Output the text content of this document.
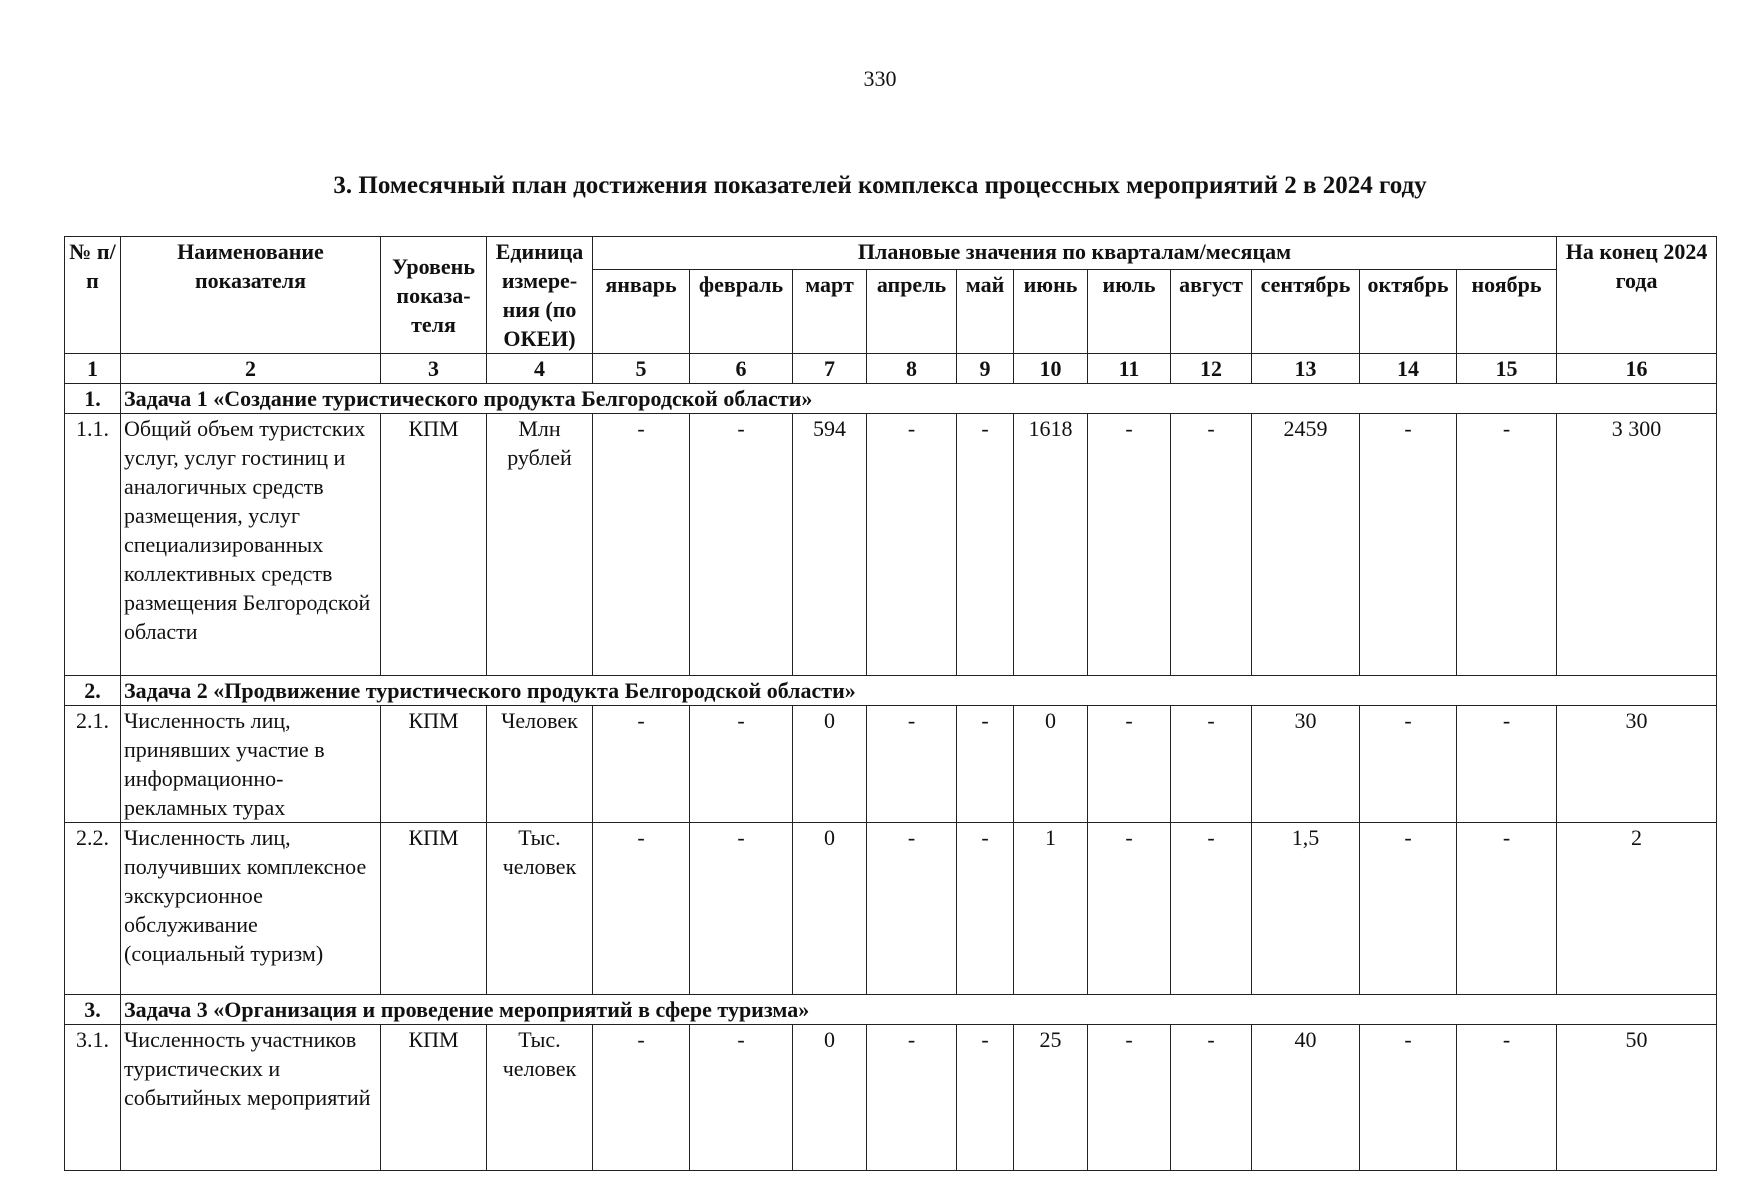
330
3. Помесячный план достижения показателей комплекса процессных мероприятий 2 в 2024 году
№ п/п	Наименование показателя	Уровень показа-теля	Единица измере-ния (по ОКЕИ)	Плановые значения по кварталам/месяцам											На конец 2024 года
				январь	февраль	март	апрель	май	июнь	июль	август	сентябрь	октябрь	ноябрь	
1	2	3	4	5	6	7	8	9	10	11	12	13	14	15	16
1.	Задача 1 «Создание туристического продукта Белгородской области»														
1.1.	Общий объем туристских услуг, услуг гостиниц и аналогичных средств размещения, услуг специализированных коллективных средств размещения Белгородской области	КПМ	Млн рублей	-	-	594	-	-	1618	-	-	2459	-	-	3 300
2.	Задача 2 «Продвижение туристического продукта Белгородской области»														
2.1.	Численность лиц, принявших участие в информационно-рекламных турах	КПМ	Человек	-	-	0	-	-	0	-	-	30	-	-	30
2.2.	Численность лиц, получивших комплексное экскурсионное обслуживание (социальный туризм)	КПМ	Тыс. человек	-	-	0	-	-	1	-	-	1,5	-	-	2
3.	Задача 3 «Организация и проведение мероприятий в сфере туризма»														
3.1.	Численность участников туристических и событийных мероприятий	КПМ	Тыс. человек	-	-	0	-	-	25	-	-	40	-	-	50
